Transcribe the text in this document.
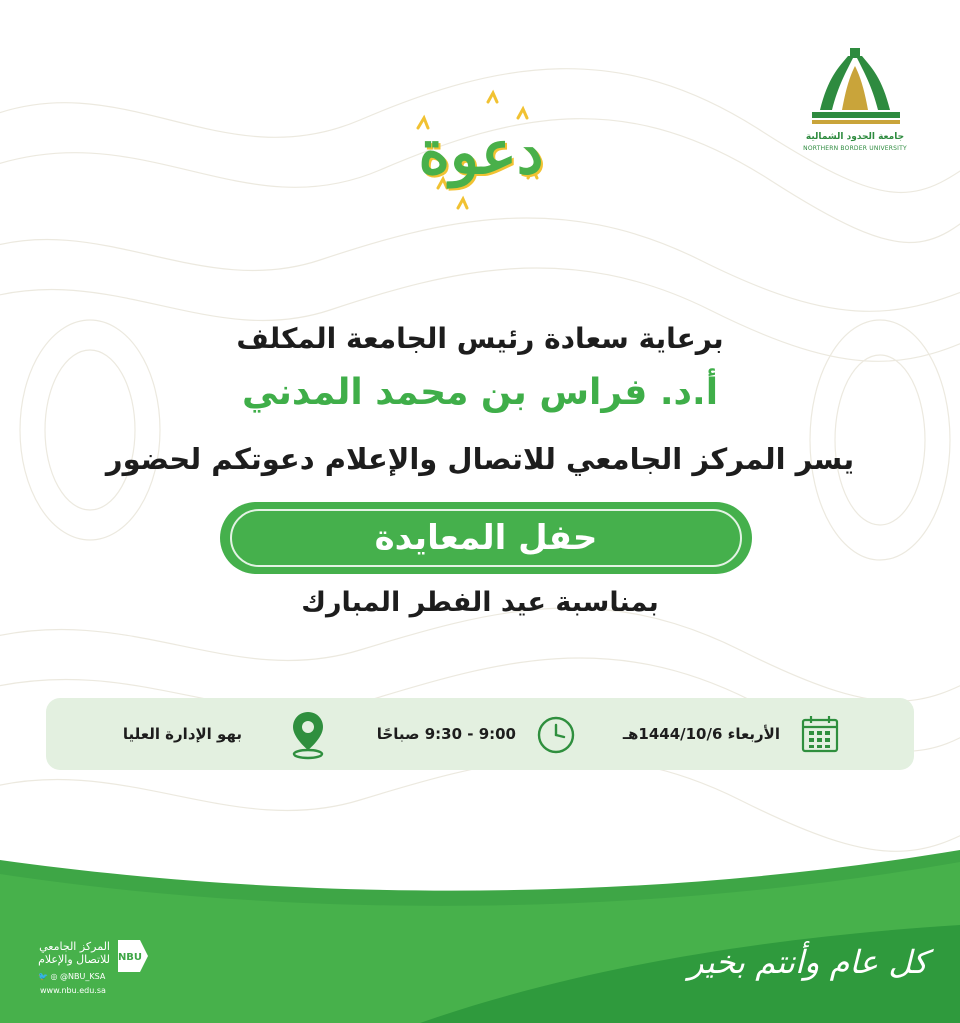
جامعة الحدود الشمالية
NORTHERN BORDER UNIVERSITY
دعوة
برعاية سعادة رئيس الجامعة المكلف
أ.د. فراس بن محمد المدني
يسر المركز الجامعي للاتصال والإعلام دعوتكم لحضور
حفل المعايدة
بمناسبة عيد الفطر المبارك
الأربعاء 1444/10/6هـ
9:00 - 9:30 صباحًا
بهو الإدارة العليا
المركز الجامعي للاتصال والإعلام NBU
🐦 ◎ @NBU_KSA
www.nbu.edu.sa
كل عام وأنتم بخير
